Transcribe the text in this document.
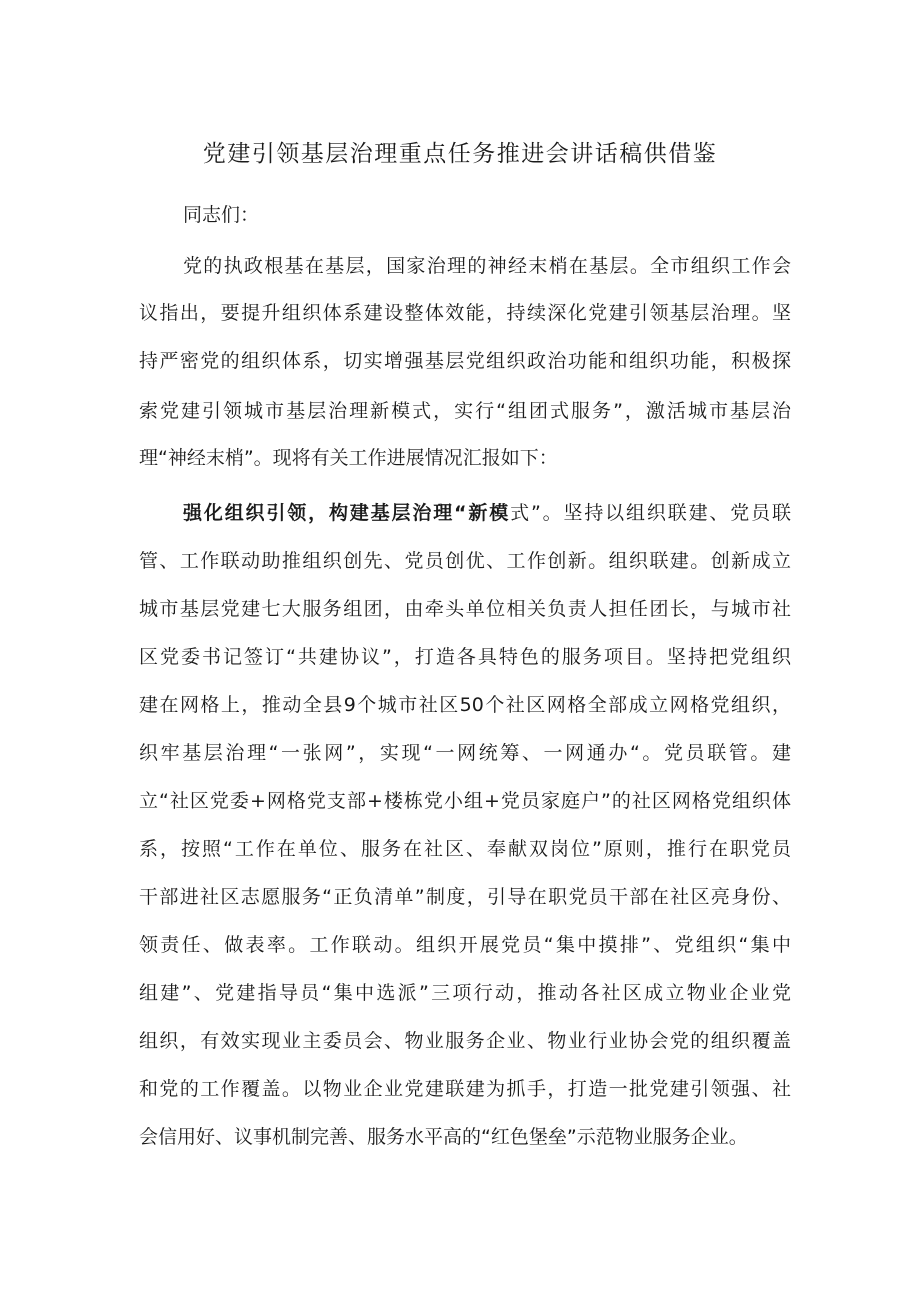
党建引领基层治理重点任务推进会讲话稿供借鉴
同志们：
党的执政根基在基层，国家治理的神经末梢在基层。全市组织工作会
议指出，要提升组织体系建设整体效能，持续深化党建引领基层治理。坚
持严密党的组织体系，切实增强基层党组织政治功能和组织功能，积极探
索党建引领城市基层治理新模式，实行“组团式服务”，激活城市基层治
理“神经末梢”。现将有关工作进展情况汇报如下：
强化组织引领，构建基层治理“新模式”。坚持以组织联建、党员联
管、工作联动助推组织创先、党员创优、工作创新。组织联建。创新成立
城市基层党建七大服务组团，由牵头单位相关负责人担任团长，与城市社
区党委书记签订“共建协议”，打造各具特色的服务项目。坚持把党组织
建在网格上，推动全县9个城市社区50个社区网格全部成立网格党组织，
织牢基层治理“一张网”，实现“一网统筹、一网通办“。党员联管。建
立“社区党委+网格党支部+楼栋党小组+党员家庭户”的社区网格党组织体
系，按照“工作在单位、服务在社区、奉献双岗位”原则，推行在职党员
干部进社区志愿服务“正负清单”制度，引导在职党员干部在社区亮身份、
领责任、做表率。工作联动。组织开展党员“集中摸排”、党组织“集中
组建”、党建指导员“集中选派”三项行动，推动各社区成立物业企业党
组织，有效实现业主委员会、物业服务企业、物业行业协会党的组织覆盖
和党的工作覆盖。以物业企业党建联建为抓手，打造一批党建引领强、社
会信用好、议事机制完善、服务水平高的“红色堡垒”示范物业服务企业。
